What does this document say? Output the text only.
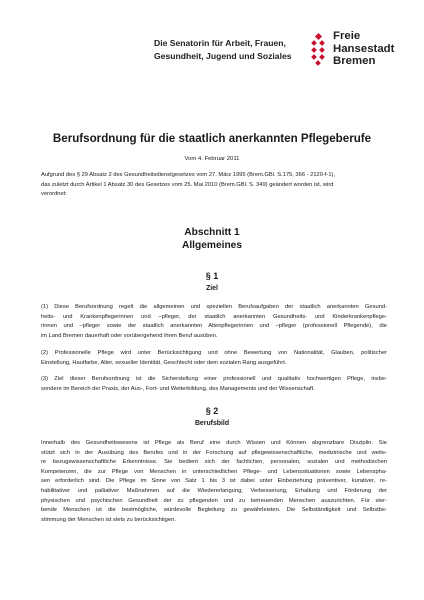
Die Senatorin für Arbeit, Frauen,
Gesundheit, Jugend und Soziales
Freie
Hansestadt
Bremen
Berufsordnung für die staatlich anerkannten Pflegeberufe
Vom 4. Februar 2011
Aufgrund des § 29 Absatz 2 des Gesundheitsdienstgesetzes vom 27. März 1995 (Brem.GBl. S.175, 366 - 2120-f-1),
das zuletzt durch Artikel 1 Absatz 30 des Gesetzes vom 25. Mai 2010 (Brem.GBl. S. 349) geändert worden ist, wird
verordnet:
Abschnitt 1
Allgemeines
§ 1
Ziel
(1) Diese Berufsordnung regelt die allgemeinen und speziellen Berufsaufgaben der staatlich anerkannten Gesund-
heits- und Krankenpflegerinnen und –pfleger, der staatlich anerkannten Gesundheits- und Kinderkrankenpflege-
rinnen und –pfleger sowie der staatlich anerkannten Altenpflegerinnen und –pfleger (professionell Pflegende), die
im Land Bremen dauerhaft oder vorübergehend ihren Beruf ausüben.
(2) Professionelle Pflege wird unter Berücksichtigung und ohne Bewertung von Nationalität, Glauben, politischer
Einstellung, Hautfarbe, Alter, sexueller Identität, Geschlecht oder dem sozialen Rang ausgeführt.
(3) Ziel dieser Berufsordnung ist die Sicherstellung einer professionell und qualitativ hochwertigen Pflege, insbe-
sondere im Bereich der Praxis, der Aus-, Fort- und Weiterbildung, des Managements und der Wissenschaft.
§ 2
Berufsbild
Innerhalb des Gesundheitswesens ist Pflege als Beruf eine durch Wissen und Können abgrenzbare Disziplin. Sie
stützt sich in der Ausübung des Berufes und in der Forschung auf pflegewissenschaftliche, medizinische und weite-
re bezugswissenschaftliche Erkenntnisse. Sie bedient sich der fachlichen, personalen, sozialen und methodischen
Kompetenzen, die zur Pflege von Menschen in unterschiedlichen Pflege- und Lebenssituationen sowie Lebenspha-
sen erforderlich sind. Die Pflege im Sinne von Satz 1 bis 3 ist dabei unter Einbeziehung präventiver, kurativer, re-
habilitativer und palliativer Maßnahmen auf die Wiedererlangung, Verbesserung, Erhaltung und Förderung der
physischen und psychischen Gesundheit der zu pflegenden und zu betreuenden Menschen auszurichten. Für ster-
bende Menschen ist die bestmögliche, würdevolle Begleitung zu gewährleisten. Die Selbständigkeit und Selbstbe-
stimmung der Menschen ist stets zu berücksichtigen.
